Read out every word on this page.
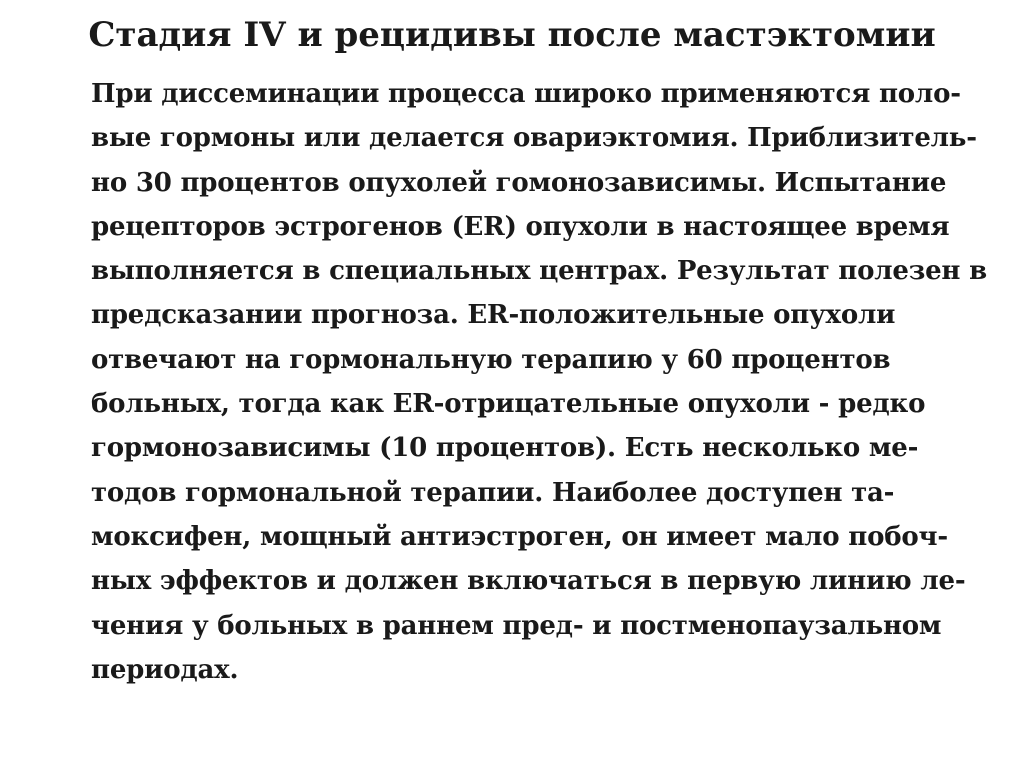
Стадия IV и рецидивы после мастэктомии
При диссеминации процесса широко применяются поло-
вые гормоны или делается овариэктомия. Приблизитель-
но 30 процентов опухолей гомонозависимы. Испытание
рецепторов эстрогенов (ER) опухоли в настоящее время
выполняется в специальных центрах. Результат полезен в
предсказании прогноза. ER-положительные опухоли
отвечают на гормональную терапию у 60 процентов
больных, тогда как ER-отрицательные опухоли - редко
гормонозависимы (10 процентов). Есть несколько ме-
тодов гормональной терапии. Наиболее доступен та-
моксифен, мощный антиэстроген, он имеет мало побоч-
ных эффектов и должен включаться в первую линию ле-
чения у больных в раннем пред- и постменопаузальном
периодах.
